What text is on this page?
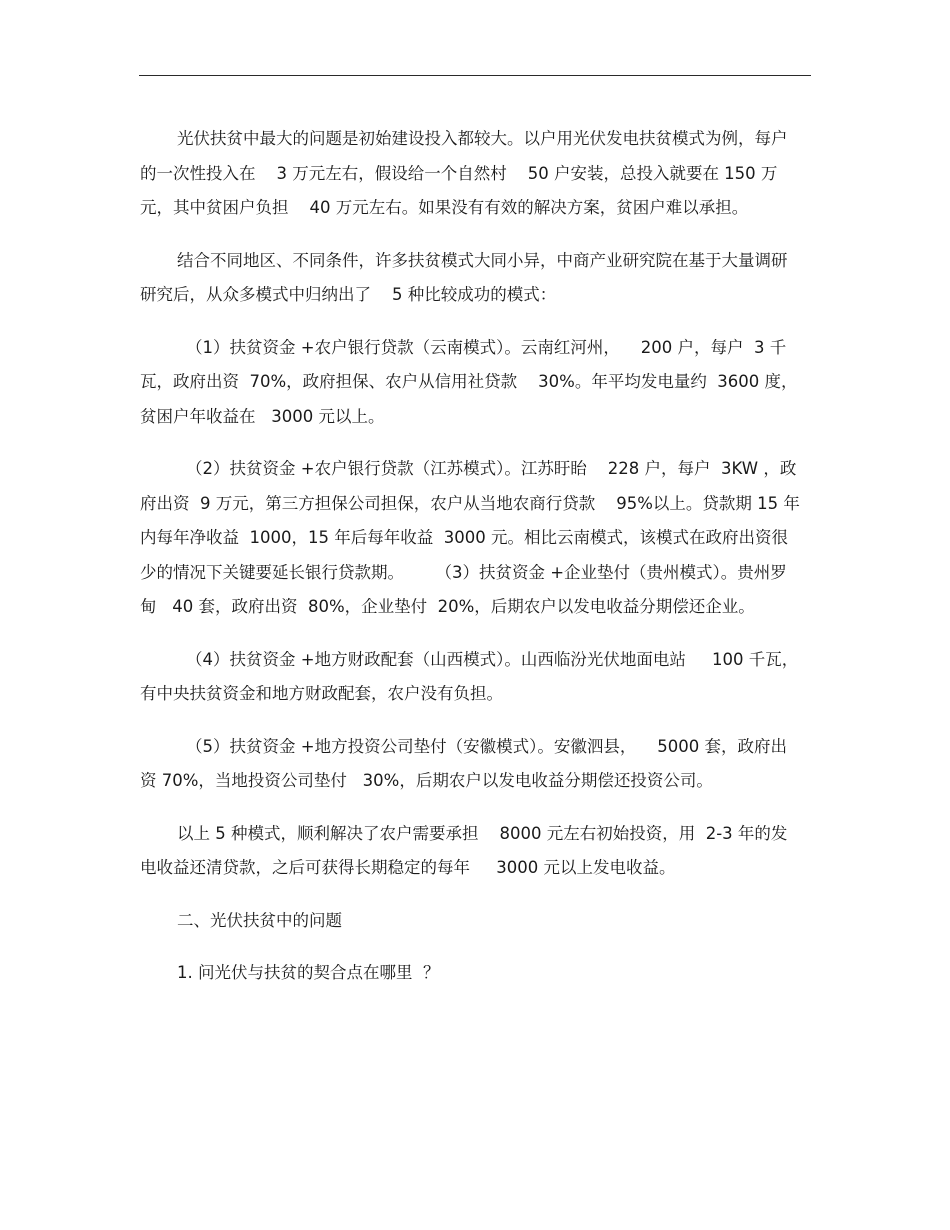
光伏扶贫中最大的问题是初始建设投入都较大。以户用光伏发电扶贫模式为例，每户的一次性投入在    3 万元左右，假设给一个自然村    50 户安装，总投入就要在 150 万元，其中贫困户负担    40 万元左右。如果没有有效的解决方案，贫困户难以承担。

结合不同地区、不同条件，许多扶贫模式大同小异，中商产业研究院在基于大量调研研究后，从众多模式中归纳出了    5 种比较成功的模式：

（1）扶贫资金 +农户银行贷款（云南模式）。云南红河州，    200 户，每户  3 千瓦，政府出资  70%，政府担保、农户从信用社贷款    30%。年平均发电量约  3600 度，贫困户年收益在   3000 元以上。

（2）扶贫资金 +农户银行贷款（江苏模式）。江苏盱眙    228 户，每户  3KW ，政府出资  9 万元，第三方担保公司担保，农户从当地农商行贷款    95%以上。贷款期 15 年内每年净收益  1000，15 年后每年收益  3000 元。相比云南模式，该模式在政府出资很少的情况下关键要延长银行贷款期。      （3）扶贫资金 +企业垫付（贵州模式）。贵州罗甸   40 套，政府出资  80%，企业垫付  20%，后期农户以发电收益分期偿还企业。

（4）扶贫资金 +地方财政配套（山西模式）。山西临汾光伏地面电站     100 千瓦，有中央扶贫资金和地方财政配套，农户没有负担。

（5）扶贫资金 +地方投资公司垫付（安徽模式）。安徽泗县，    5000 套，政府出资 70%，当地投资公司垫付   30%，后期农户以发电收益分期偿还投资公司。

以上 5 种模式，顺利解决了农户需要承担    8000 元左右初始投资，用  2-3 年的发电收益还清贷款，之后可获得长期稳定的每年     3000 元以上发电收益。

二、光伏扶贫中的问题

1. 问光伏与扶贫的契合点在哪里  ？
